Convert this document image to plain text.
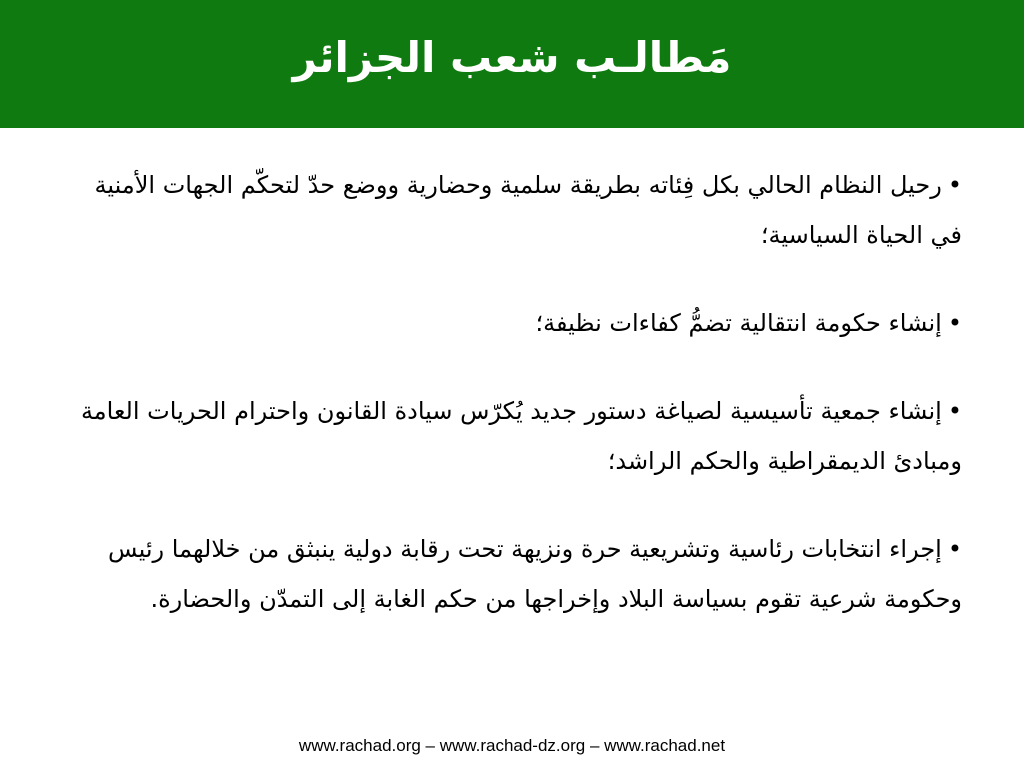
مَطالـب شعب الجزائر

•رحيل النظام الحالي بكل فِئاته بطريقة سلمية وحضارية ووضع حدّ لتحكّم الجهات الأمنية في الحياة السياسية؛

•إنشاء حكومة انتقالية تضمُّ كفاءات نظيفة؛

•إنشاء جمعية تأسيسية لصياغة دستور جديد يُكرّس سيادة القانون واحترام الحريات العامة ومبادئ الديمقراطية والحكم الراشد؛

•إجراء انتخابات رئاسية وتشريعية حرة ونزيهة تحت رقابة دولية ينبثق من خلالهما رئيس وحكومة شرعية تقوم بسياسة البلاد وإخراجها من حكم الغابة إلى التمدّن والحضارة.

www.rachad.org – www.rachad-dz.org – www.rachad.net
